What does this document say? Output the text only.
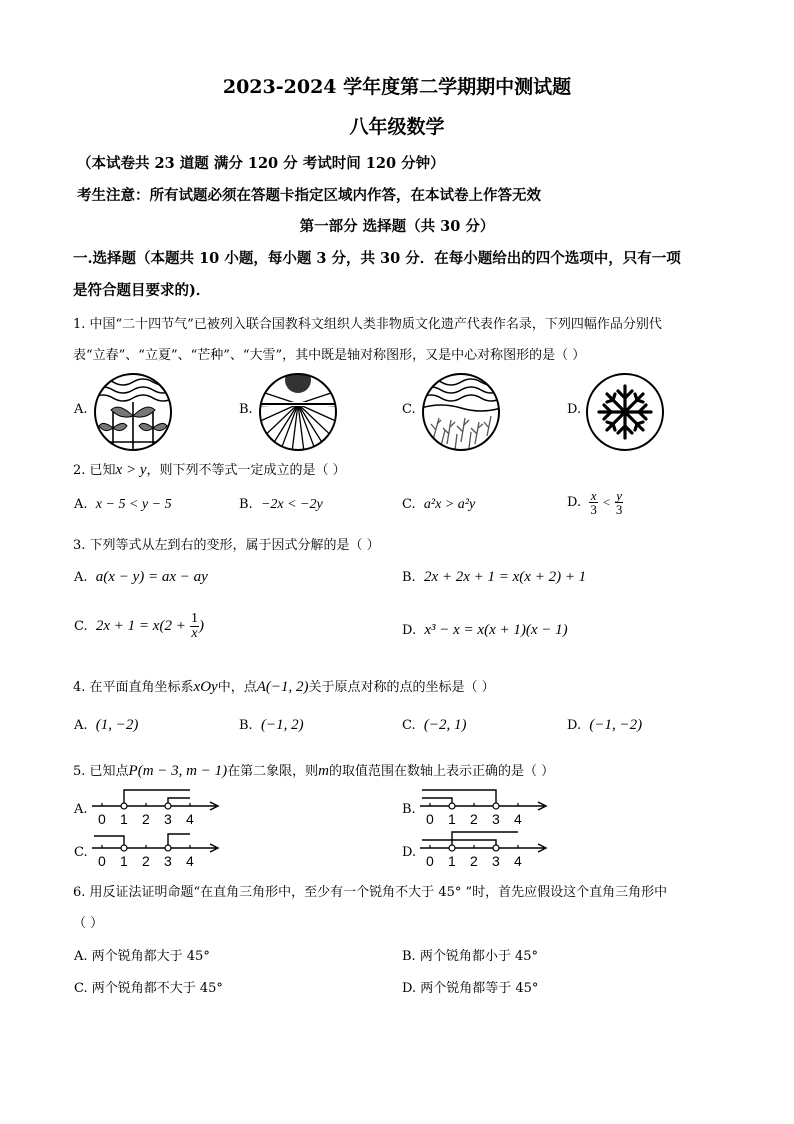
2023-2024 学年度第二学期期中测试题
八年级数学
（本试卷共 23 道题 满分 120 分 考试时间 120 分钟）
考生注意：所有试题必须在答题卡指定区域内作答，在本试卷上作答无效
第一部分 选择题（共 30 分）
一.选择题（本题共 10 小题，每小题 3 分，共 30 分．在每小题给出的四个选项中，只有一项
是符合题目要求的)．
1. 中国“二十四节气”已被列入联合国教科文组织人类非物质文化遗产代表作名录，下列四幅作品分别代
表“立春”、“立夏”、“芒种”、“大雪”，其中既是轴对称图形，又是中心对称图形的是（ ）
A.	B.	C.	D.
2. 已知x > y，则下列不等式一定成立的是（ ）
A. x − 5 < y − 5	B. −2x < −2y	C. a²x > a²y	D. $\frac{x}{3} < \frac{y}{3}$
3. 下列等式从左到右的变形，属于因式分解的是（ ）
A. a(x − y) = ax − ay	B. 2x + 2x + 1 = x(x + 2) + 1
C. $2x + 1 = x(2 + \frac{1}{x}$ )	D. x³ − x = x(x + 1)(x − 1)
4. 在平面直角坐标系xOy中，点A(−1, 2)关于原点对称的点的坐标是（ ）
A. (1, −2)	B. (−1, 2)	C. (−2, 1)	D. (−1, −2)
5. 已知点P(m − 3, m − 1)在第二象限，则m的取值范围在数轴上表示正确的是（ ）
A.	B.
C.	D.
0 1 2 3 4	0 1 2 3 4
0 1 2 3 4	0 1 2 3 4
6. 用反证法证明命题“在直角三角形中，至少有一个锐角不大于 45° ”时，首先应假设这个直角三角形中
（ ）
A. 两个锐角都大于 45°	B. 两个锐角都小于 45°
C. 两个锐角都不大于 45°	D. 两个锐角都等于 45°
